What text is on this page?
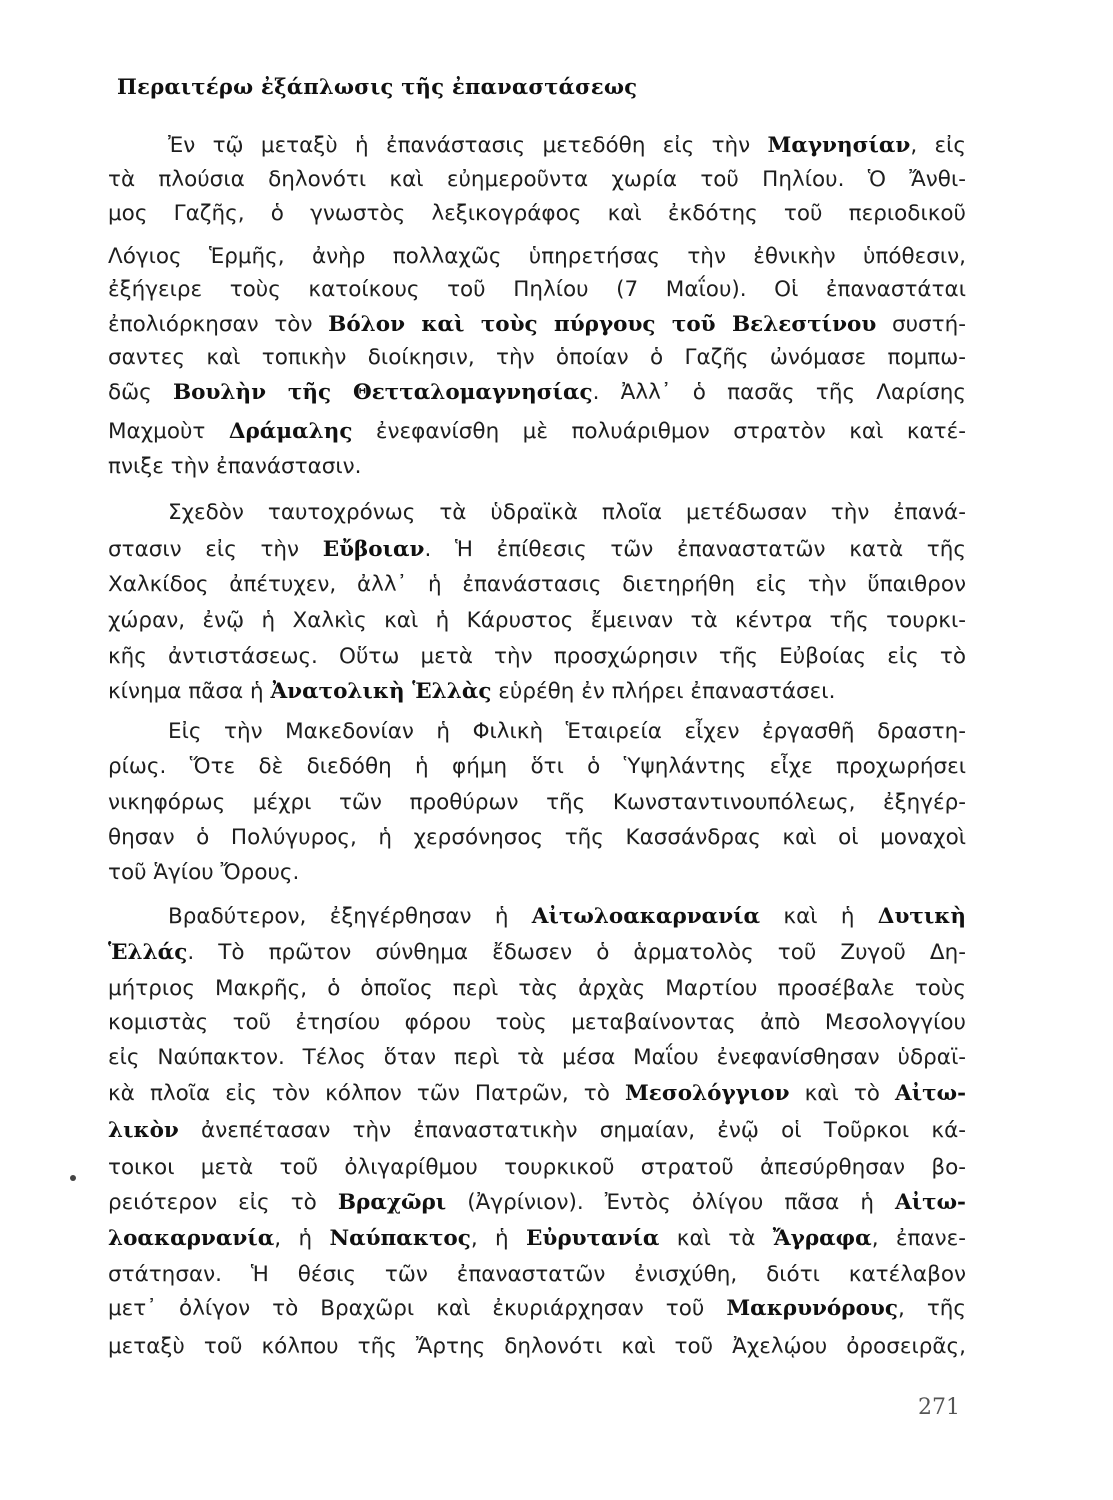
Περαιτέρω ἐξάπλωσις τῆς ἐπαναστάσεως
Ἐν τῷ μεταξὺ ἡ ἐπανάστασις μετεδόθη εἰς τὴν Μαγνησίαν, εἰς
τὰ πλούσια δηλονότι καὶ εὐημεροῦντα χωρία τοῦ Πηλίου. Ὁ Ἄνθι-
μος Γαζῆς, ὁ γνωστὸς λεξικογράφος καὶ ἐκδότης τοῦ περιοδικοῦ
Λόγιος Ἑρμῆς, ἀνὴρ πολλαχῶς ὑπηρετήσας τὴν ἐθνικὴν ὑπόθεσιν,
ἐξήγειρε τοὺς κατοίκους τοῦ Πηλίου (7 Μαΐου). Οἱ ἐπαναστάται
ἐπολιόρκησαν τὸν Βόλον καὶ τοὺς πύργους τοῦ Βελεστίνου συστή-
σαντες καὶ τοπικὴν διοίκησιν, τὴν ὁποίαν ὁ Γαζῆς ὠνόμασε πομπω-
δῶς Βουλὴν τῆς Θετταλομαγνησίας. Ἀλλ᾽ ὁ πασᾶς τῆς Λαρίσης
Μαχμοὺτ Δράμαλης ἐνεφανίσθη μὲ πολυάριθμον στρατὸν καὶ κατέ-
πνιξε τὴν ἐπανάστασιν.
Σχεδὸν ταυτοχρόνως τὰ ὑδραϊκὰ πλοῖα μετέδωσαν τὴν ἐπανά-
στασιν εἰς τὴν Εὔβοιαν. Ἡ ἐπίθεσις τῶν ἐπαναστατῶν κατὰ τῆς
Χαλκίδος ἀπέτυχεν, ἀλλ᾽ ἡ ἐπανάστασις διετηρήθη εἰς τὴν ὕπαιθρον
χώραν, ἐνῷ ἡ Χαλκὶς καὶ ἡ Κάρυστος ἔμειναν τὰ κέντρα τῆς τουρκι-
κῆς ἀντιστάσεως. Οὕτω μετὰ τὴν προσχώρησιν τῆς Εὐβοίας εἰς τὸ
κίνημα πᾶσα ἡ Ἀνατολικὴ Ἑλλὰς εὑρέθη ἐν πλήρει ἐπαναστάσει.
Εἰς τὴν Μακεδονίαν ἡ Φιλικὴ Ἑταιρεία εἶχεν ἐργασθῆ δραστη-
ρίως. Ὅτε δὲ διεδόθη ἡ φήμη ὅτι ὁ Ὑψηλάντης εἶχε προχωρήσει
νικηφόρως μέχρι τῶν προθύρων τῆς Κωνσταντινουπόλεως, ἐξηγέρ-
θησαν ὁ Πολύγυρος, ἡ χερσόνησος τῆς Κασσάνδρας καὶ οἱ μοναχοὶ
τοῦ Ἁγίου Ὄρους.
Βραδύτερον, ἐξηγέρθησαν ἡ Αἰτωλοακαρνανία καὶ ἡ Δυτικὴ
Ἑλλάς. Τὸ πρῶτον σύνθημα ἔδωσεν ὁ ἁρματολὸς τοῦ Ζυγοῦ Δη-
μήτριος Μακρῆς, ὁ ὁποῖος περὶ τὰς ἀρχὰς Μαρτίου προσέβαλε τοὺς
κομιστὰς τοῦ ἐτησίου φόρου τοὺς μεταβαίνοντας ἀπὸ Μεσολογγίου
εἰς Ναύπακτον. Τέλος ὅταν περὶ τὰ μέσα Μαΐου ἐνεφανίσθησαν ὑδραϊ-
κὰ πλοῖα εἰς τὸν κόλπον τῶν Πατρῶν, τὸ Μεσολόγγιον καὶ τὸ Αἰτω-
λικὸν ἀνεπέτασαν τὴν ἐπαναστατικὴν σημαίαν, ἐνῷ οἱ Τοῦρκοι κά-
τοικοι μετὰ τοῦ ὀλιγαρίθμου τουρκικοῦ στρατοῦ ἀπεσύρθησαν βο-
ρειότερον εἰς τὸ Βραχῶρι (Ἀγρίνιον). Ἐντὸς ὀλίγου πᾶσα ἡ Αἰτω-
λοακαρνανία, ἡ Ναύπακτος, ἡ Εὐρυτανία καὶ τὰ Ἄγραφα, ἐπανε-
στάτησαν. Ἡ θέσις τῶν ἐπαναστατῶν ἐνισχύθη, διότι κατέλαβον
μετ᾽ ὀλίγον τὸ Βραχῶρι καὶ ἐκυριάρχησαν τοῦ Μακρυνόρους, τῆς
μεταξὺ τοῦ κόλπου τῆς Ἄρτης δηλονότι καὶ τοῦ Ἀχελῴου ὀροσειρᾶς,
271
